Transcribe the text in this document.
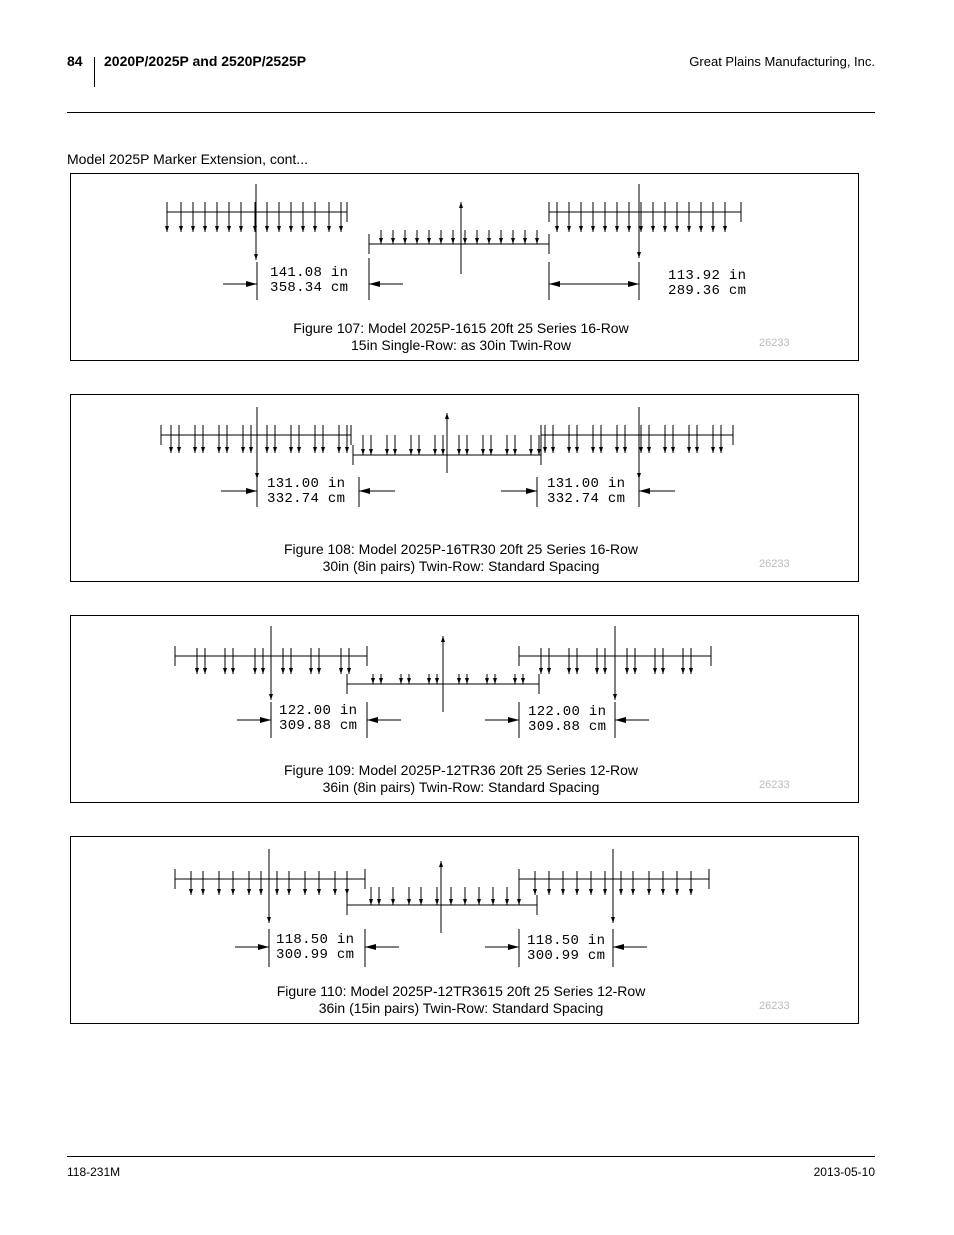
84 2020P/2025P and 2520P/2525P	Great Plains Manufacturing, Inc.
Model 2025P Marker Extension, cont...
141.08 in
358.34 cm
113.92 in
289.36 cm
Figure 107: Model 2025P-1615 20ft 25 Series 16-Row
15in Single-Row: as 30in Twin-Row	26233
131.00 in
332.74 cm
131.00 in
332.74 cm
Figure 108: Model 2025P-16TR30 20ft 25 Series 16-Row
30in (8in pairs) Twin-Row: Standard Spacing	26233
122.00 in
309.88 cm
122.00 in
309.88 cm
Figure 109: Model 2025P-12TR36 20ft 25 Series 12-Row
36in (8in pairs) Twin-Row: Standard Spacing	26233
118.50 in
300.99 cm
118.50 in
300.99 cm
Figure 110: Model 2025P-12TR3615 20ft 25 Series 12-Row
36in (15in pairs) Twin-Row: Standard Spacing	26233
118-231M	2013-05-10
